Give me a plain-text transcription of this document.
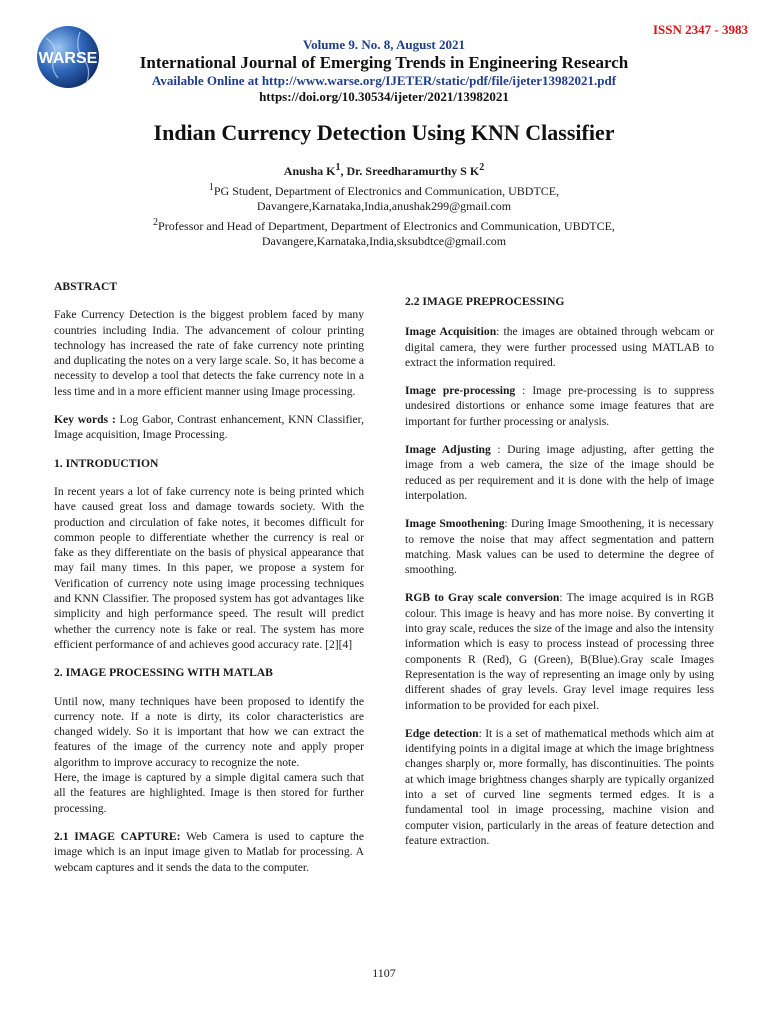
WARSE
ISSN 2347 - 3983
Volume 9. No. 8, August 2021
International Journal of Emerging Trends in Engineering Research
Available Online at http://www.warse.org/IJETER/static/pdf/file/ijeter13982021.pdf
https://doi.org/10.30534/ijeter/2021/13982021
Indian Currency Detection Using KNN Classifier
Anusha $K^1$, Dr. Sreedharamurthy S $K^2$
$^1$PG Student, Department of Electronics and Communication, UBDTCE,
Davangere,Karnataka,India,anushak299@gmail.com
$^2$Professor and Head of Department, Department of Electronics and Communication, UBDTCE,
Davangere,Karnataka,India,sksubdtce@gmail.com
ABSTRACT

Fake Currency Detection is the biggest problem faced by many countries including India. The advancement of colour printing technology has increased the rate of fake currency note printing and duplicating the notes on a very large scale. So, it has become a necessity to develop a tool that detects the fake currency note in a less time and in a more efficient manner using Image processing.

Key words : Log Gabor, Contrast enhancement, KNN Classifier, Image acquisition, Image Processing.

1. INTRODUCTION

In recent years a lot of fake currency note is being printed which have caused great loss and damage towards society. With the production and circulation of fake notes, it becomes difficult for common people to differentiate whether the currency is real or fake as they differentiate on the basis of physical appearance that may fail many times. In this paper, we propose a system for Verification of currency note using image processing techniques and KNN Classifier. The proposed system has got advantages like simplicity and high performance speed. The result will predict whether the currency note is fake or real. The system has more efficient performance of and achieves good accuracy rate. [2][4]

2. IMAGE PROCESSING WITH MATLAB

Until now, many techniques have been proposed to identify the currency note. If a note is dirty, its color characteristics are changed widely. So it is important that how we can extract the features of the image of the currency note and apply proper algorithm to improve accuracy to recognize the note.

Here, the image is captured by a simple digital camera such that all the features are highlighted. Image is then stored for further processing.

2.1 IMAGE CAPTURE: Web Camera is used to capture the image which is an input image given to Matlab for processing. A webcam captures and it sends the data to the computer.

2.2 IMAGE PREPROCESSING

Image Acquisition: the images are obtained through webcam or digital camera, they were further processed using MATLAB to extract the information required.

Image pre-processing : Image pre-processing is to suppress undesired distortions or enhance some image features that are important for further processing or analysis.

Image Adjusting : During image adjusting, after getting the image from a web camera, the size of the image should be reduced as per requirement and it is done with the help of image interpolation.

Image Smoothening: During Image Smoothening, it is necessary to remove the noise that may affect segmentation and pattern matching. Mask values can be used to determine the degree of smoothing.

RGB to Gray scale conversion: The image acquired is in RGB colour. This image is heavy and has more noise. By converting it into gray scale, reduces the size of the image and also the intensity information which is easy to process instead of processing three components R (Red), G (Green), B(Blue).Gray scale Images Representation is the way of representing an image only by using different shades of gray levels. Gray level image requires less information to be provided for each pixel.

Edge detection: It is a set of mathematical methods which aim at identifying points in a digital image at which the image brightness changes sharply or, more formally, has discontinuities. The points at which image brightness changes sharply are typically organized into a set of curved line segments termed edges. It is a fundamental tool in image processing, machine vision and computer vision, particularly in the areas of feature detection and feature extraction.

1107
